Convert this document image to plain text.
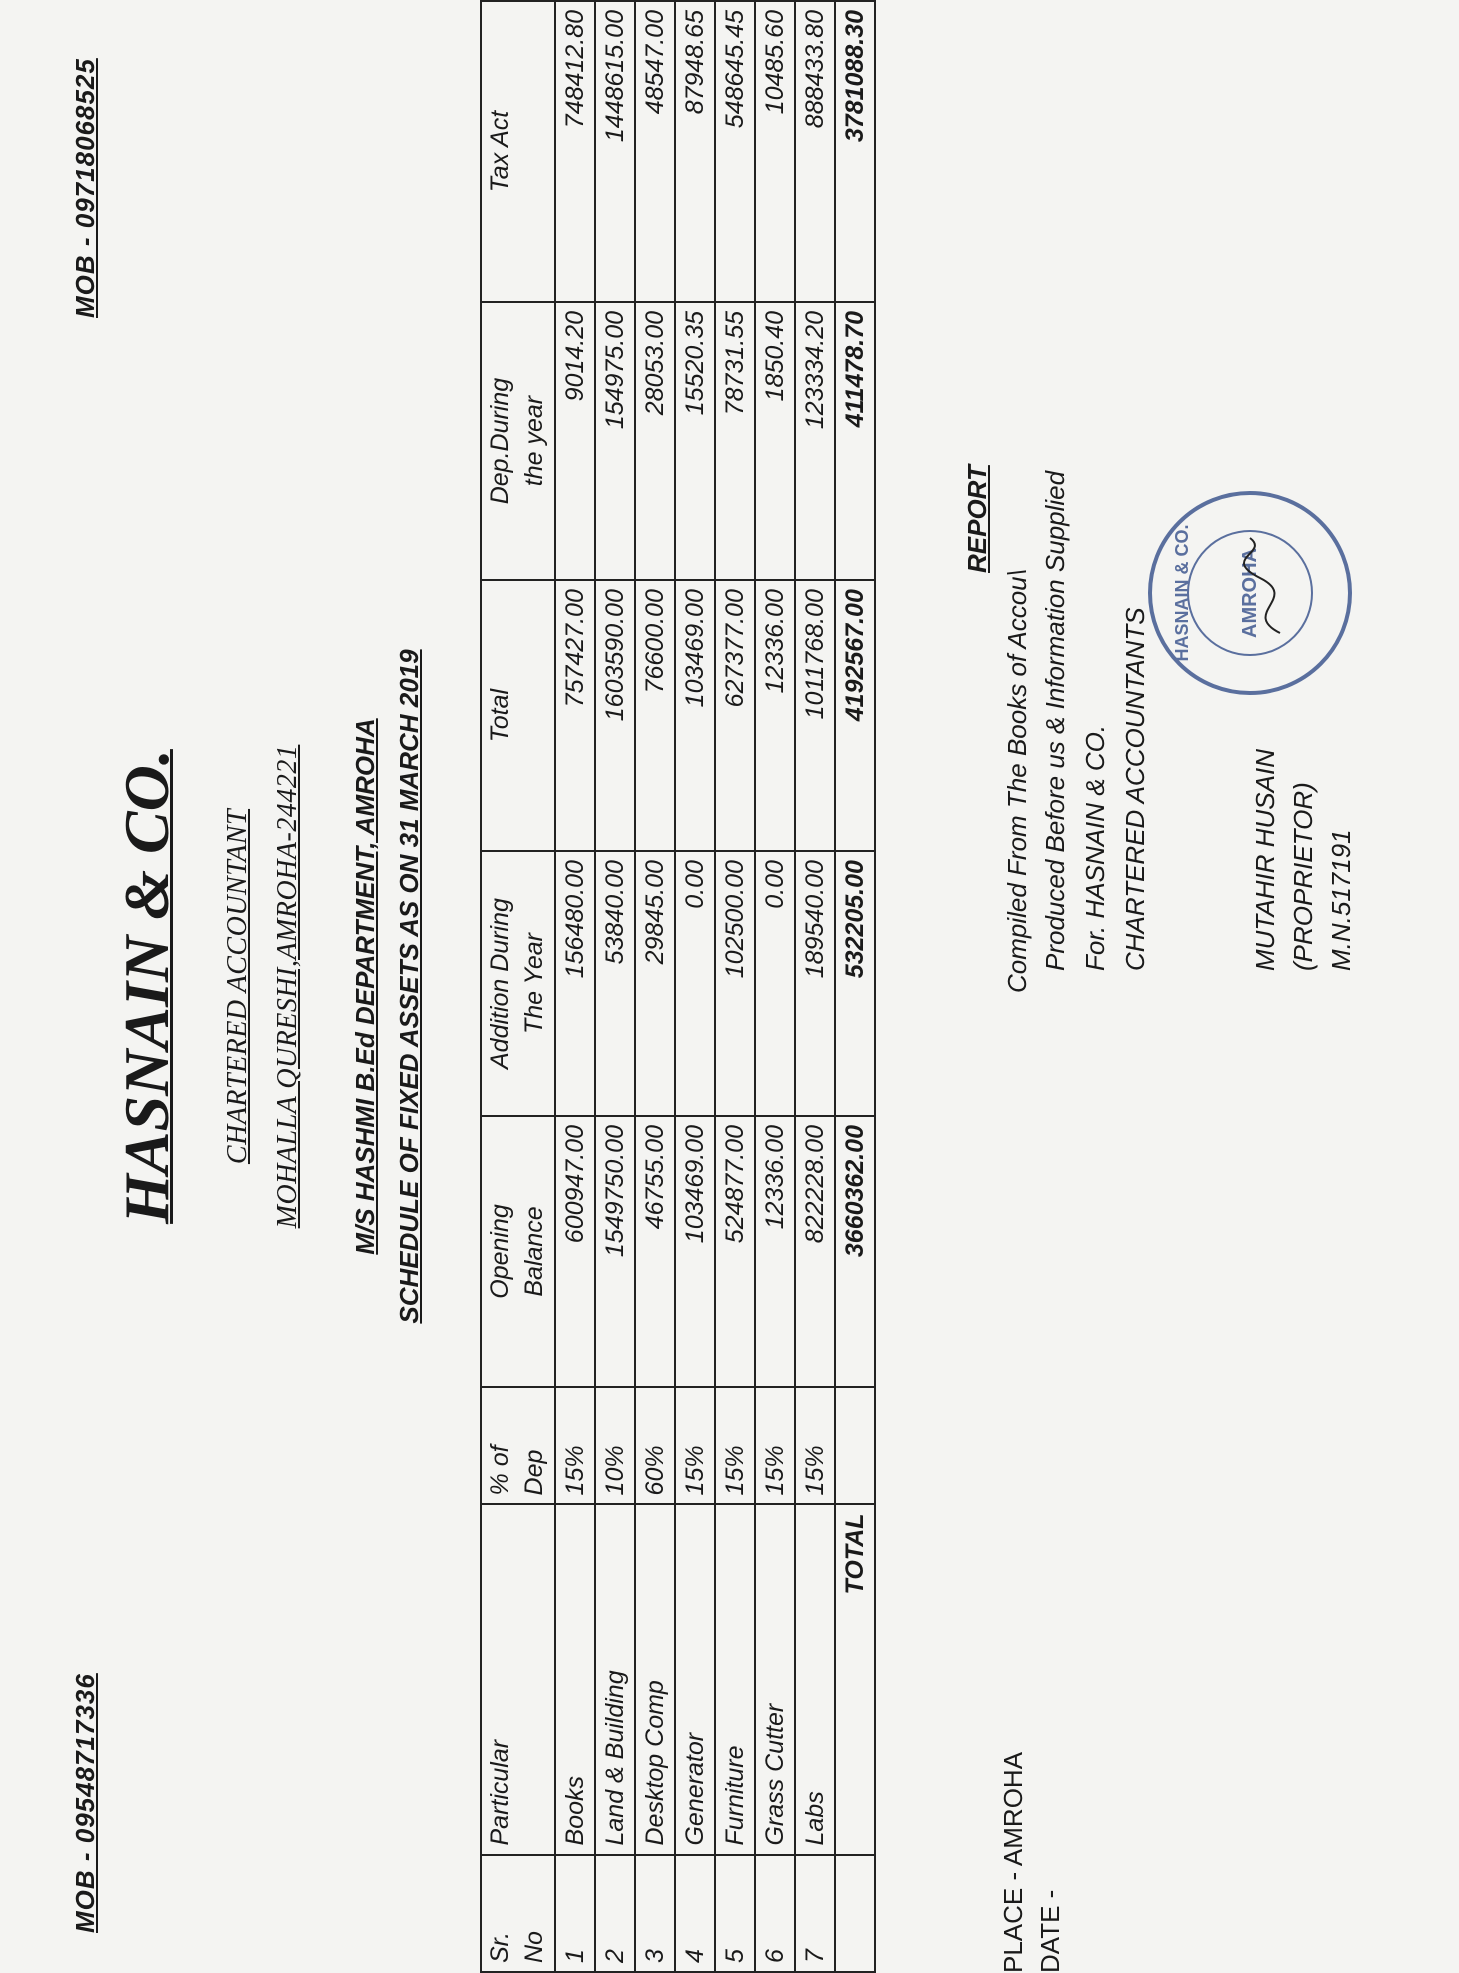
MOB - 09548717336
MOB - 09718068525
HASNAIN & CO. CHARTERED ACCOUNTANT MOHALLA QURESHI,AMROHA-244221 M/S HASHMI B.Ed DEPARTMENT, AMROHA SCHEDULE OF FIXED ASSETS AS ON 31 MARCH 2019
Sr. No	Particular	% of Dep	Opening Balance	Addition During The Year	Total	Dep.During the year	Tax Act

1	Books	15%	600947.00	156480.00	757427.00	9014.20	748412.80
2	Land & Building	10%	1549750.00	53840.00	1603590.00	154975.00	1448615.00
3	Desktop Comp	60%	46755.00	29845.00	76600.00	28053.00	48547.00
4	Generator	15%	103469.00	0.00	103469.00	15520.35	87948.65
5	Furniture	15%	524877.00	102500.00	627377.00	78731.55	548645.45
6	Grass Cutter	15%	12336.00	0.00	12336.00	1850.40	10485.60
7	Labs	15%	822228.00	189540.00	1011768.00	123334.20	888433.80
	TOTAL		3660362.00	532205.00	4192567.00	411478.70	3781088.30
PLACE - AMROHA DATE -
REPORT
Compiled From The Books of Accou\ Produced Before us & Information Supplied For. HASNAIN & CO. CHARTERED ACCOUNTANTS	MUTAHIR HUSAIN (PROPRIETOR) M.N.517191
HASNAIN & CO. AMROHA
